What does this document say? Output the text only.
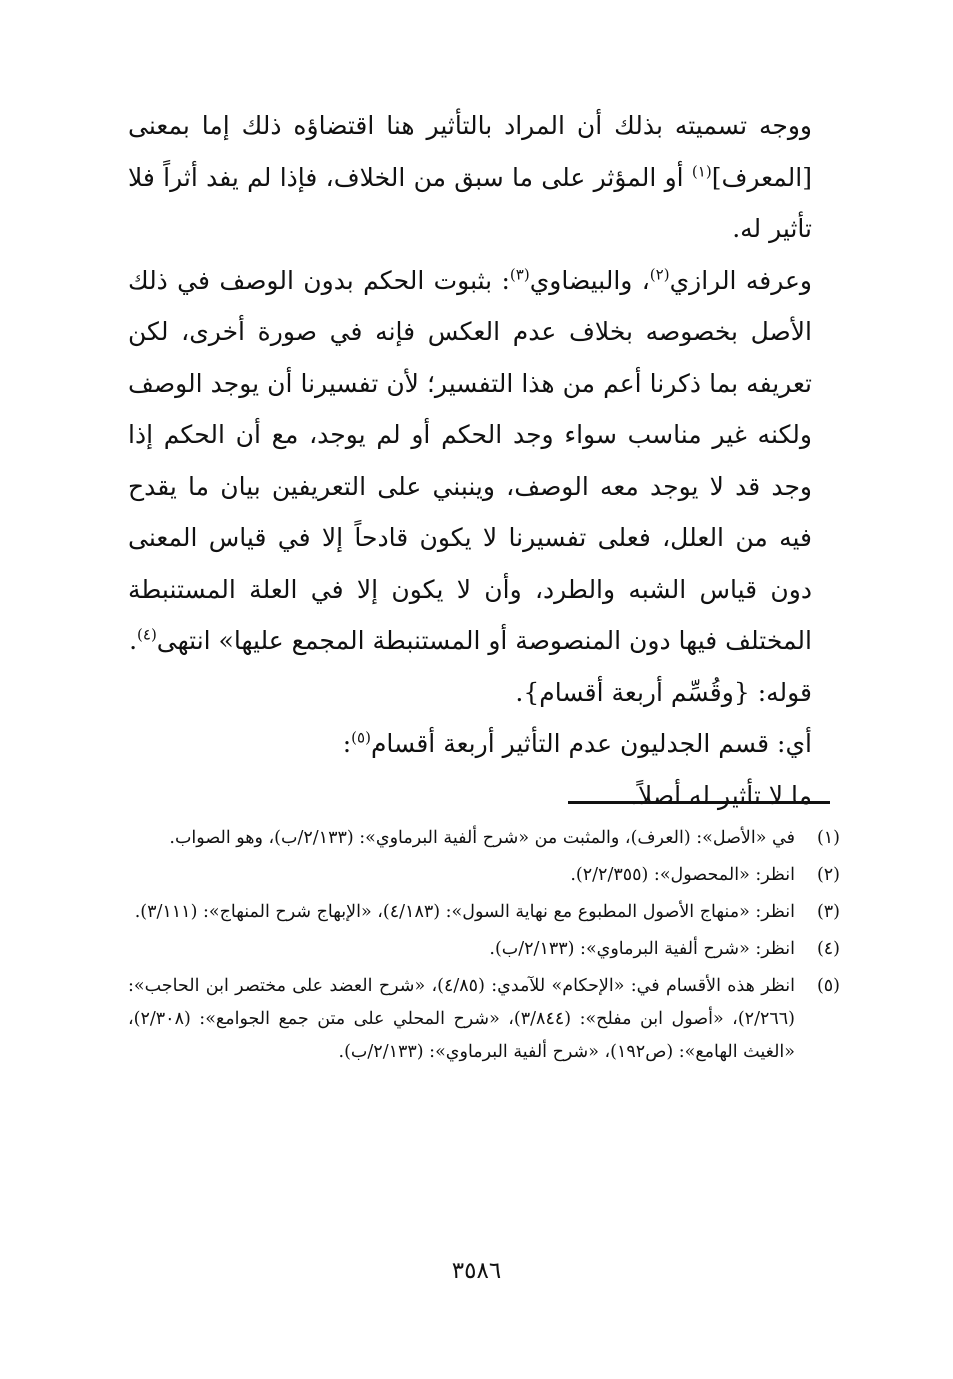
ووجه تسميته بذلك أن المراد بالتأثير هنا اقتضاؤه ذلك إما بمعنى [المعرف]$^{(١)}$ أو المؤثر على ما سبق من الخلاف، فإذا لم يفد أثراً فلا تأثير له.

وعرفه الرازي$^{(٢)}$، والبيضاوي$^{(٣)}$: بثبوت الحكم بدون الوصف في ذلك الأصل بخصوصه بخلاف عدم العكس فإنه في صورة أخرى، لكن تعريفه بما ذكرنا أعم من هذا التفسير؛ لأن تفسيرنا أن يوجد الوصف ولكنه غير مناسب سواء وجد الحكم أو لم يوجد، مع أن الحكم إذا وجد قد لا يوجد معه الوصف، وينبني على التعريفين بيان ما يقدح فيه من العلل، فعلى تفسيرنا لا يكون قادحاً إلا في قياس المعنى دون قياس الشبه والطرد، وأن لا يكون إلا في العلة المستنبطة المختلف فيها دون المنصوصة أو المستنبطة المجمع عليها» انتهى$^{(٤)}$.

قوله: {وقُسِّم أربعة أقسام}.

أي: قسم الجدليون عدم التأثير أربعة أقسام$^{(٥)}$:

ما لا تأثير له أصلاً.

(١)
في «الأصل»: (العرف)، والمثبت من «شرح ألفية البرماوي»: (٢/١٣٣/ب)، وهو الصواب.
(٢)
انظر: «المحصول»: (٢/٢/٣٥٥).
(٣)
انظر: «منهاج الأصول المطبوع مع نهاية السول»: (٤/١٨٣)، «الإبهاج شرح المنهاج»: (٣/١١١).
(٤)
انظر: «شرح ألفية البرماوي»: (٢/١٣٣/ب).
(٥)
انظر هذه الأقسام في: «الإحكام» للآمدي: (٤/٨٥)، «شرح العضد على مختصر ابن الحاجب»: (٢/٢٦٦)، «أصول ابن مفلح»: (٣/٨٤٤)، «شرح المحلي على متن جمع الجوامع»: (٢/٣٠٨)، «الغيث الهامع»: (ص١٩٢)، «شرح ألفية البرماوي»: (٢/١٣٣/ب).
٣٥٨٦
